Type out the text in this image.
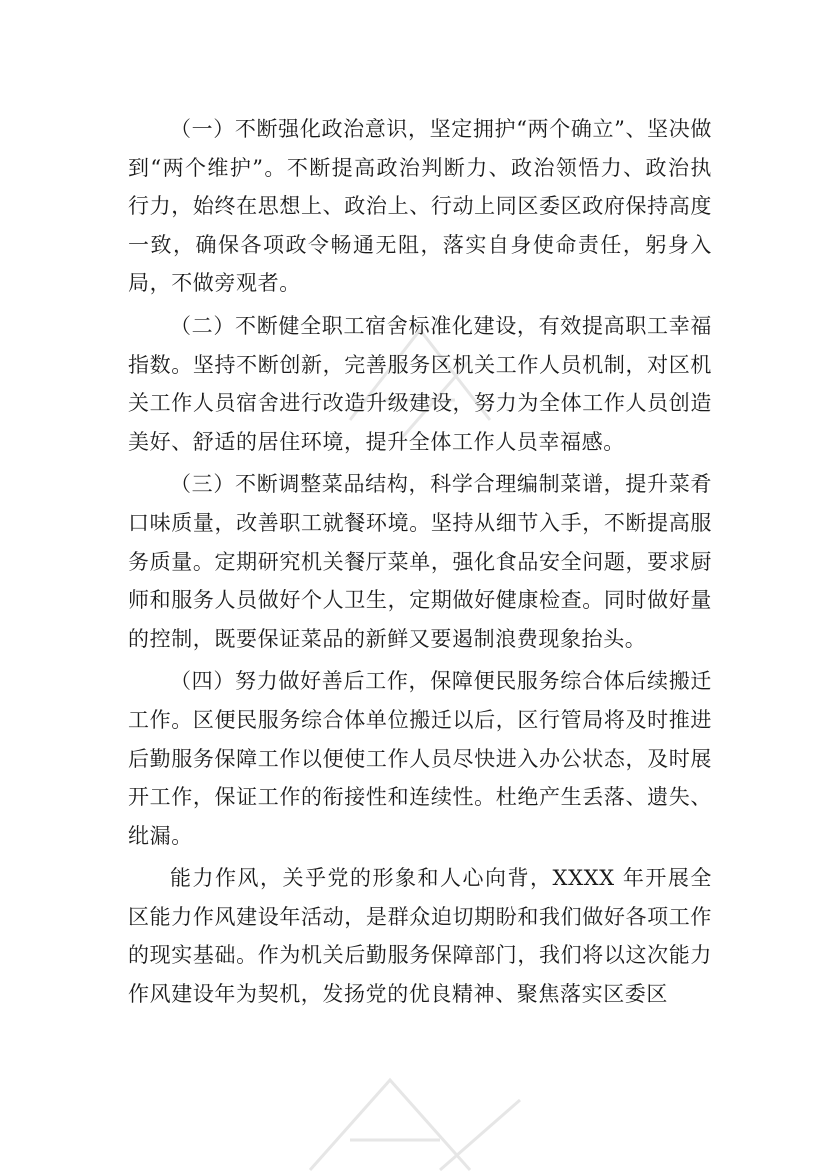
（一）不断强化政治意识，坚定拥护“两个确立”、坚决做到“两个维护”。不断提高政治判断力、政治领悟力、政治执行力，始终在思想上、政治上、行动上同区委区政府保持高度一致，确保各项政令畅通无阻，落实自身使命责任，躬身入局，不做旁观者。

（二）不断健全职工宿舍标准化建设，有效提高职工幸福指数。坚持不断创新，完善服务区机关工作人员机制，对区机关工作人员宿舍进行改造升级建设，努力为全体工作人员创造美好、舒适的居住环境，提升全体工作人员幸福感。

（三）不断调整菜品结构，科学合理编制菜谱，提升菜肴口味质量，改善职工就餐环境。坚持从细节入手，不断提高服务质量。定期研究机关餐厅菜单，强化食品安全问题，要求厨师和服务人员做好个人卫生，定期做好健康检查。同时做好量的控制，既要保证菜品的新鲜又要遏制浪费现象抬头。

（四）努力做好善后工作，保障便民服务综合体后续搬迁工作。区便民服务综合体单位搬迁以后，区行管局将及时推进后勤服务保障工作以便使工作人员尽快进入办公状态，及时展开工作，保证工作的衔接性和连续性。杜绝产生丢落、遗失、纰漏。

能力作风，关乎党的形象和人心向背，XXXX 年开展全区能力作风建设年活动，是群众迫切期盼和我们做好各项工作的现实基础。作为机关后勤服务保障部门，我们将以这次能力作风建设年为契机，发扬党的优良精神、聚焦落实区委区
